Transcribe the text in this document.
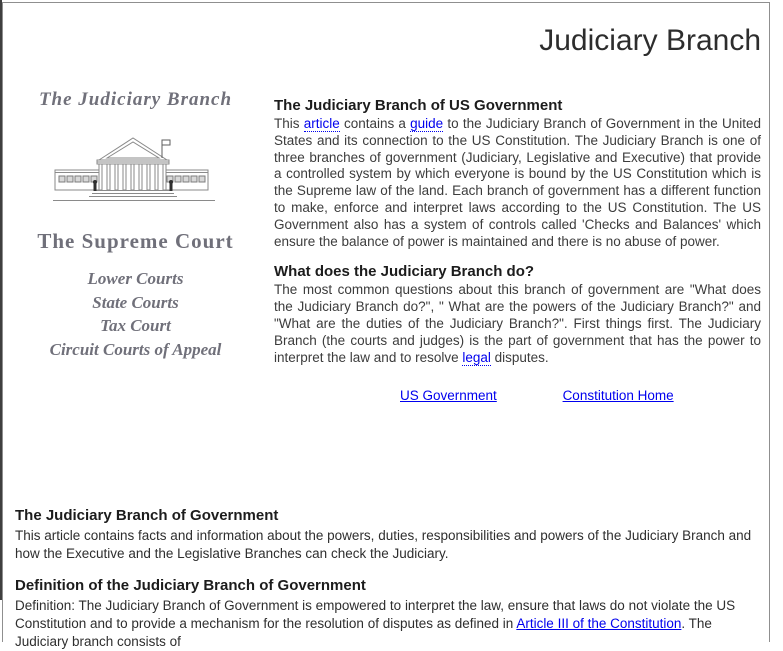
Judiciary Branch
The Judiciary Branch
The Supreme Court
Lower Courts
State Courts
Tax Court
Circuit Courts of Appeal
The Judiciary Branch of US Government

This article contains a guide to the Judiciary Branch of Government in the United States and its connection to the US Constitution. The Judiciary Branch is one of three branches of government (Judiciary, Legislative and Executive) that provide a controlled system by which everyone is bound by the US Constitution which is the Supreme law of the land. Each branch of government has a different function to make, enforce and interpret laws according to the US Constitution. The US Government also has a system of controls called 'Checks and Balances' which ensure the balance of power is maintained and there is no abuse of power.

What does the Judiciary Branch do?

The most common questions about this branch of government are "What does the Judiciary Branch do?", " What are the powers of the Judiciary Branch?" and "What are the duties of the Judiciary Branch?". First things first. The Judiciary Branch (the courts and judges) is the part of government that has the power to interpret the law and to resolve legal disputes.

US Government	Constitution Home
The Judiciary Branch of Government

This article contains facts and information about the powers, duties, responsibilities and powers of the Judiciary Branch and how the Executive and the Legislative Branches can check the Judiciary.

Definition of the Judiciary Branch of Government

Definition: The Judiciary Branch of Government is empowered to interpret the law, ensure that laws do not violate the US Constitution and to provide a mechanism for the resolution of disputes as defined in Article III of the Constitution. The Judiciary branch consists of
